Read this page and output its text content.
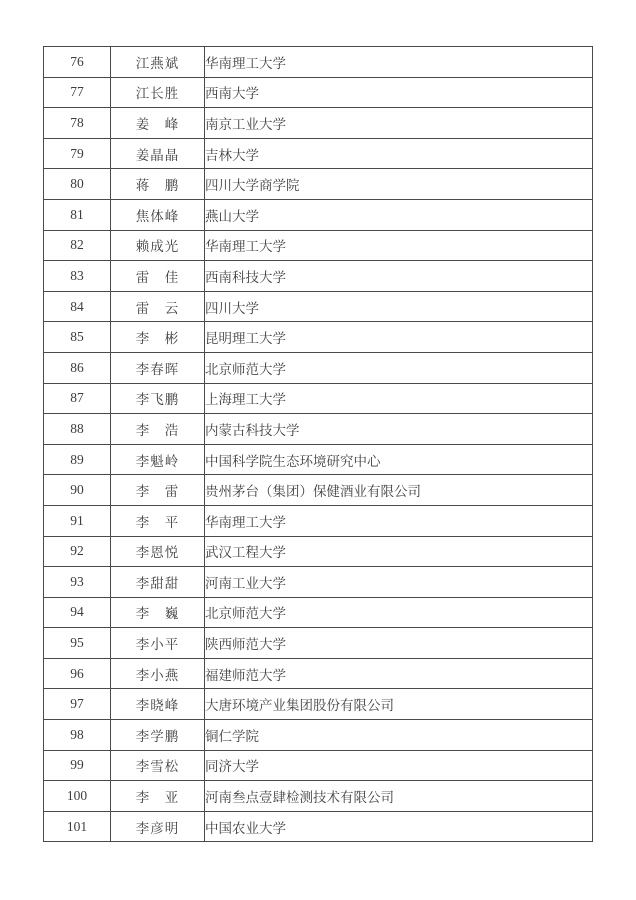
76	江燕斌	华南理工大学
77	江长胜	西南大学
78	姜　峰	南京工业大学
79	姜晶晶	吉林大学
80	蒋　鹏	四川大学商学院
81	焦体峰	燕山大学
82	赖成光	华南理工大学
83	雷　佳	西南科技大学
84	雷　云	四川大学
85	李　彬	昆明理工大学
86	李春晖	北京师范大学
87	李飞鹏	上海理工大学
88	李　浩	内蒙古科技大学
89	李魁岭	中国科学院生态环境研究中心
90	李　雷	贵州茅台（集团）保健酒业有限公司
91	李　平	华南理工大学
92	李恩悦	武汉工程大学
93	李甜甜	河南工业大学
94	李　巍	北京师范大学
95	李小平	陕西师范大学
96	李小燕	福建师范大学
97	李晓峰	大唐环境产业集团股份有限公司
98	李学鹏	铜仁学院
99	李雪松	同济大学
100	李　亚	河南叁点壹肆检测技术有限公司
101	李彦明	中国农业大学
